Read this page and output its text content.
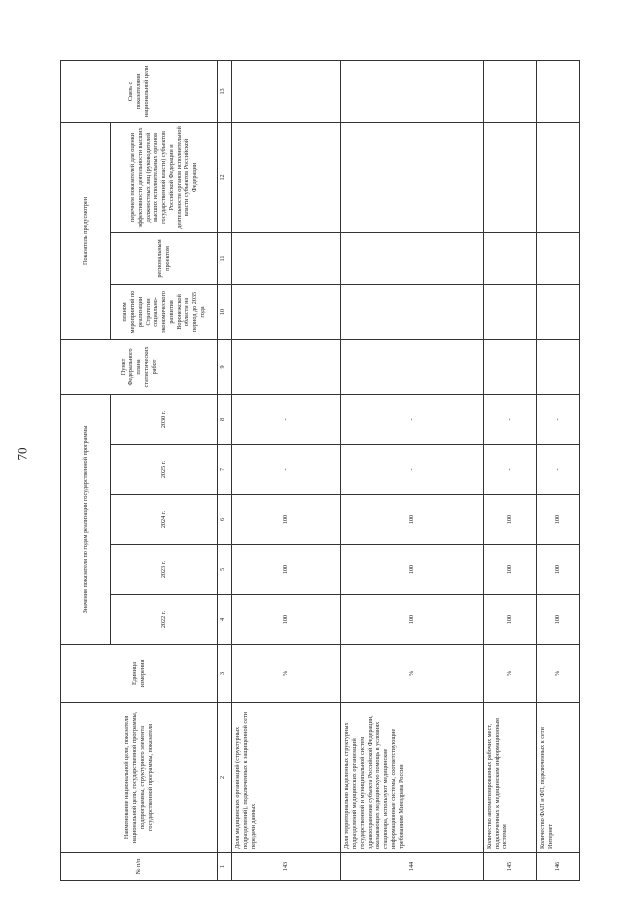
70
№ п/п	Наименование национальной цели, показателя национальной цели, государственной программы, подпрограммы, структурного элемента государственной программы, показателя	Единица измерения	Значения показателя по годам реализации государственной программы					Пункт Федерального плана статистических работ	Показатель предусмотрен			Связь с показателями национальной цели
			2022 г.	2023 г.	2024 г.	2025 г.	2030 г.		планом мероприятий по реализации Стратегии социально-экономического развития Воронежской области на период до 2035 года	региональным проектом	перечнем показателей для оценки эффективности деятельности высших должностных лиц (руководителей высших исполнительных органов государственной власти) субъектов Российской Федерации и деятельности органов исполнительной власти субъектов Российской Федерации	

1	2	3	4	5	6	7	8	9	10	11	12	13
143	Доля медицинских организаций (структурных подразделений), подключенных к защищенной сети передачи данных	%	100	100	100	-	-					
144	Доля территориально выделенных структурных подразделений медицинских организаций государственной и муниципальной систем здравоохранения субъекта Российской Федерации, оказывающих медицинскую помощь в условиях стационара, используют медицинские информационные системы, соответствующие требованиям Минздрава России	%	100	100	100	-	-					
145	Количество автоматизированных рабочих мест, подключенных к медицинским информационным системам	%	100	100	100	-	-					
146	Количество ФАП и ФП, подключенных к сети Интернет	%	100	100	100	-	-					
